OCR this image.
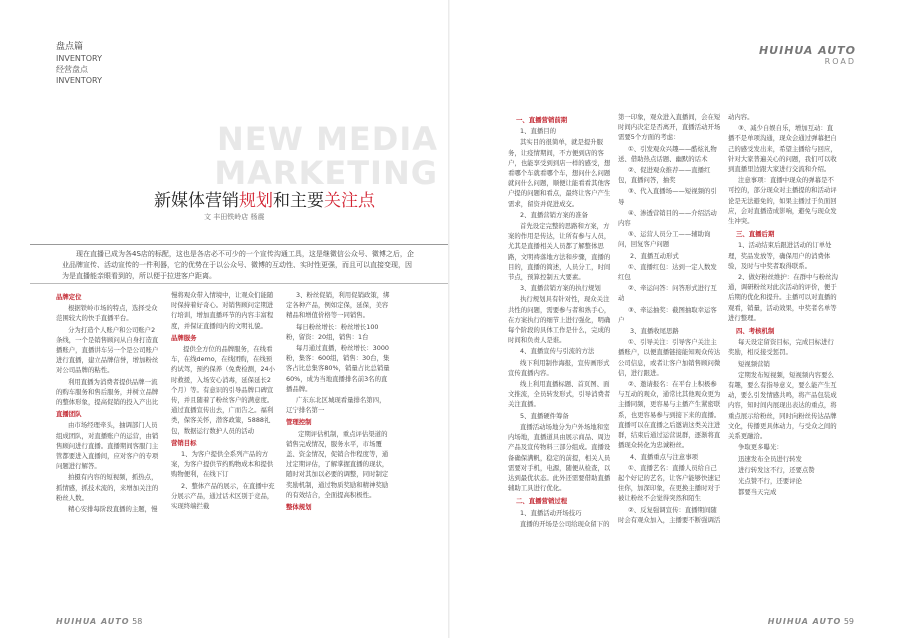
盘点篇
INVENTORY
经营盘点
INVENTORY
NEW MEDIA MARKETING
新媒体营销规划和主要关注点
文 丰田铁岭店 杨震
现在直播已成为各4S店的标配，这也是各店必不可少的一个宣传沟通工具，这是继微信公众号、微博之后，企业品牌宣传、活动宣传的一件利器，它的优势在于以公众号、微博的互动性、实时性更强，而且可以直接变现，因为是直播能亲眼看到的，所以便于拉进客户距离。

品牌定位

根据铁岭市场的特点，选择受众范围较大的快手直播平台。

分为打造个人账户和公司账户2条线，一个是销售顾问从自身打造直播账户，直播讲车另一个是公司账户进行直播，建立品牌信誉，增加粉丝对公司品牌的粘性。

利用直播为消费者提供品牌一流的购车服务和售后服务，并树立品牌的整体形象，提高促销的投入产出比

直播团队

由市场经理牵头，抽调部门人员组成团队，对直播账户的运营，由销售顾问进行直播。直播期间客服门主管都要进入直播间，应对客户的专项问题进行解答。

拍摄有内容的短视频，抓热点，抓情感，抓技术流的，来增加关注的粉丝人数。

精心安排每阶段直播的主题，慢

慢将观众带入情境中，让观众们能随时保持着好奇心。对销售顾问定期进行培训，增加直播环节的内容丰富程度，并保证直播间内的文明礼貌。

品牌服务

提供全方位的品牌服务，在线看车，在线demo，在线团购，在线预约试驾，预约保养（免费检测，24小时救援，入场安心消毒，延保延长2个月）等。有意识的引导品牌口碑宣传，并且随着了粉丝客户的满意度。通过直播宣传出去，广而告之。福利类，保客关怀，潜客政策，5888礼包，数据运行数护人员的活动

营销目标

1、为客户提供全系列产品的方案，为客户提供节约购物成本和提供购物便利，在线下订

2、整体产品的展示，在直播中充分展示产品，通过话术区别于竞品，实现终端拦截

3、粉丝促销，利用促销政策，绑定各种产品，例如定保，延保，美容精品和增值价格等一同销售。

每日粉丝增长：粉丝增长100粉，留资：20组，销售：1台

每月通过直播，粉丝增长：3000粉，集客：600组，销售：30台，集客占比总集客80%，销量占比总销量60%，成为当地直播排名前3名的直播品牌。

广东东北区城现看量排名第四，辽宁排名第一

管理控制

定期评估机制，重点评估渠道的销售完成情况，服务水平，市场覆盖、资金情况，促销合作程度等，通过定期评估，了解掌握直播的现状，随时对其加以必要的调整，同时制定奖励机制，通过物质奖励和精神奖励的有效结合，全面提高积极性。

整体规划

HUIHUA AUTO 58
HUIHUA AUTO
ROAD

一、直播营销前期

1、直播目的

其实目的很简单，就是提升服务，让疫情期间，不方便到店的客户，也能享受到到店一样的感受，想看哪个车就看哪个车，想问什么问题就问什么问题，顺便让能看看其他客户提的问题和看点，最终让客户产生需求，留资并促进成交。

2、直播营销方案的准备

首先设定完整的思路和方案，方案的作用是传达，让所有参与人员，尤其是直播相关人员都了解整体思路，文明祷落地方法和步骤，直播的目的，直播的简述，人员分工，时间节点，预算控制五大要素。

3、直播营销方案的执行规划

执行规划具有针对性，现众关注共性的问题，需要参与者和熟手心，在方案执行的细节上进行强化，明确每个阶段的具体工作是什么，完成的时间和负责人是谁。

4、直播宣传与引流的方法

线下利用制作海报，宣传画形式宣传直播内容。

线上利用直播标题、首页图、面文推流，全员转发形式，引导消费者关注直播。

5、直播硬件筹备

直播活动场地分为户外场地和室内场地，直播道具由展示商品、周边产品及宣传物料三部分组成。直播设备确保满帆，稳定的前提，相关人员需要对手机，电源，随便从检查，以达到最优状态。此外还需要借助直播辅助工具进行优化。

二、直播营销过程

1、直播活动开场技巧

直播的开场是公司给现众留下的

第一印象，观众进入直播间，会在短时间内决定是否离开，直播活动开场需要5个方面的考虑：

①、引发观众兴趣——酷炫礼物送、借助热点话题、幽默的话术

②、促进观众推荐——直播红包，直播问答，抽奖

③、代入直播场——短视频的引导

④、渗透营销目的——介绍活动内容

⑤、运营人员分工——辅助询问，回复客户问题

2、直播互动形式

①、直播红包：达到一定人数发红包

②、牵运问答：问答形式进行互动

③、牵运抽奖：截图抽取幸运客户

3、直播收尾思路

①、引导关注：引导客户关注主播账户，以便直播链接能知观众传达公司信息，或者让客户加销售顾问微信，进行跟进。

②、邀请报名：在平台上积极参与互动的观众，通常比其他观众更为主播同频，更容易与主播产生紧密联系，也更容易参与到接下来的直播。直播可以在直播之后邀请这类关注进群，结束后通过运营说群，逐渐将直播现众转化为忠诚粉丝。

4、直播重点与注意事项

①、直播艺名：直播人员给自己起个好记的艺名，让客户能够快速记住你，加深印象，在更换主播时对于被让粉丝不会觉得突然和陌生

②、反复强调宣传：直播期间随时会有观众加入，主播要不断强调活

动内容。

③、减少自娱自乐，增加互动：直播不是单项沟通，现众会通过弹幕把自己的感受发出来，希望主播给与回应，针对大家普遍关心的问题，我们可以收到直播里边跟大家进行交流和介绍。

注意事项：直播中现众的弹幕是不可控的，部分现众对主播提的和活动评论是无法避免的，如果主播过于负面回应，会对直播造成影响，避免与现众发生冲突。

三、直播后期

1、活动结束后跟进活动的订单处理，奖品发放等，确保用户的消费体验，及时与中奖者取得联系。

2、做好粉丝维护：在群中与粉丝沟通，调研粉丝对此次活动的评价，便于后期的优化和提升。主播可以对直播的观看，销量，活动效果，中奖者名单等进行整理。

四、考核机制

每天设定留资目标，完成目标进行奖励，相反接受惩罚。

短视频营销

定期发布短视频，短视频内容要么有趣，要么有指导意义，要么能产生互动，要么引发情感共鸣，将产品包装成内容，知时间内展现出表达的重点，将重点展示给粉丝，同时向粉丝传达品牌文化，传播更具体动力，与受众之间的关系更融洽。

争取更多曝光：

迅速发布全员进行转发

进行转发这不行，还要点赞

光点赞不行，还要评论

都要当天完成

HUIHUA AUTO 59
